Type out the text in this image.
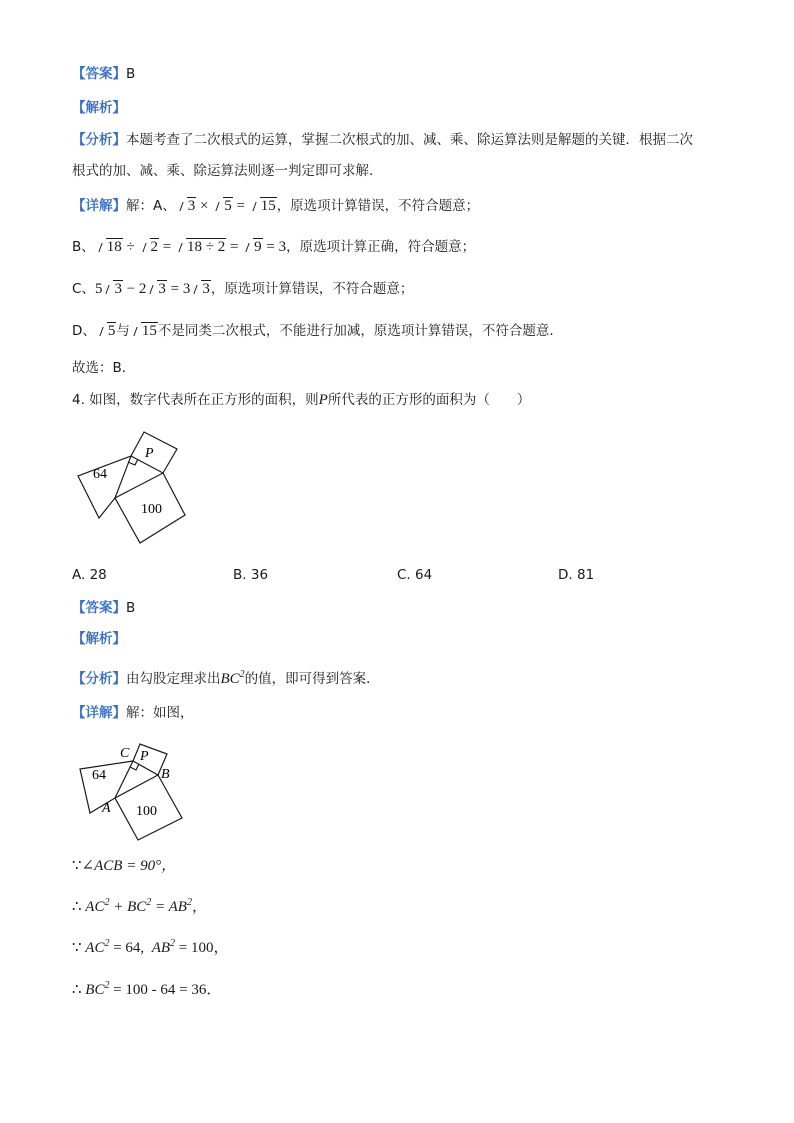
【答案】B
【解析】
【分析】本题考查了二次根式的运算，掌握二次根式的加、减、乘、除运算法则是解题的关键．根据二次
根式的加、减、乘、除运算法则逐一判定即可求解．
【详解】解：A、 3 × 5 = 15，原选项计算错误，不符合题意；
B、 18 ÷ 2 = 18 ÷ 2 = 9 = 3，原选项计算正确，符合题意；
C、5 3 − 2 3 = 3 3，原选项计算错误，不符合题意；
D、 5与 15不是同类二次根式，不能进行加减，原选项计算错误，不符合题意．
故选：B．
4. 如图，数字代表所在正方形的面积，则P所代表的正方形的面积为（　　）
64
P
100
A. 28	B. 36	C. 64	D. 81
【答案】B
【解析】
【分析】由勾股定理求出$BC^2$的值，即可得到答案．
【详解】解：如图，
C P
64	B
A 100
∵∠ACB = 90°，
∴ $AC^2 + BC^2 = AB^2$，
∵ $AC^2 = 64$,  $AB^2 = 100$，
∴ $BC^2 = 100 - 64 = 36$．
